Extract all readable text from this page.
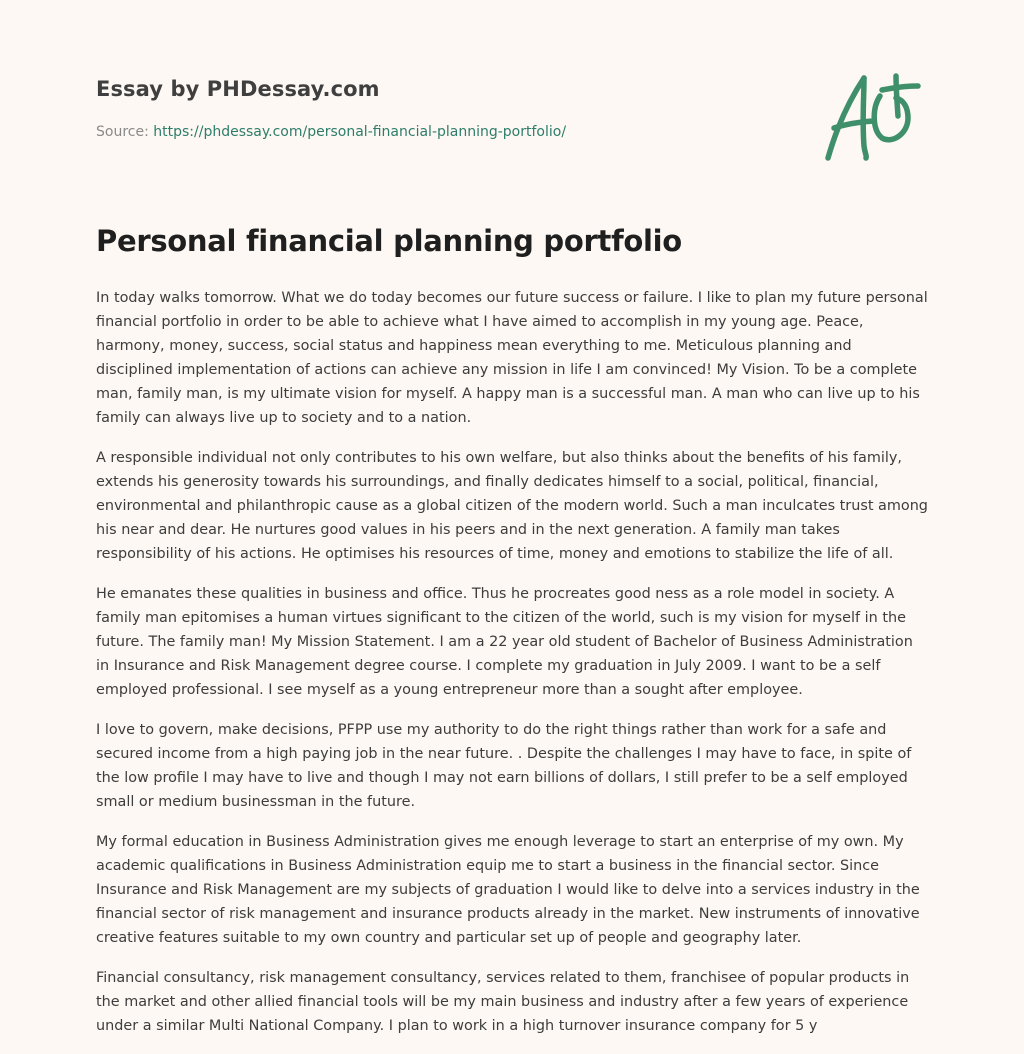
Essay by PHDessay.com
Source: https://phdessay.com/personal-financial-planning-portfolio/
Personal financial planning portfolio

In today walks tomorrow. What we do today becomes our future success or failure. I like to plan my future personal financial portfolio in order to be able to achieve what I have aimed to accomplish in my young age. Peace, harmony, money, success, social status and happiness mean everything to me. Meticulous planning and disciplined implementation of actions can achieve any mission in life I am convinced! My Vision. To be a complete man, family man, is my ultimate vision for myself. A happy man is a successful man. A man who can live up to his family can always live up to society and to a nation.

A responsible individual not only contributes to his own welfare, but also thinks about the benefits of his family, extends his generosity towards his surroundings, and finally dedicates himself to a social, political, financial, environmental and philanthropic cause as a global citizen of the modern world. Such a man inculcates trust among his near and dear. He nurtures good values in his peers and in the next generation. A family man takes responsibility of his actions. He optimises his resources of time, money and emotions to stabilize the life of all.

He emanates these qualities in business and office. Thus he procreates good ness as a role model in society. A family man epitomises a human virtues significant to the citizen of the world, such is my vision for myself in the future. The family man! My Mission Statement. I am a 22 year old student of Bachelor of Business Administration in Insurance and Risk Management degree course. I complete my graduation in July 2009. I want to be a self employed professional. I see myself as a young entrepreneur more than a sought after employee.

I love to govern, make decisions, PFPP use my authority to do the right things rather than work for a safe and secured income from a high paying job in the near future. . Despite the challenges I may have to face, in spite of the low profile I may have to live and though I may not earn billions of dollars, I still prefer to be a self employed small or medium businessman in the future.

My formal education in Business Administration gives me enough leverage to start an enterprise of my own. My academic qualifications in Business Administration equip me to start a business in the financial sector. Since Insurance and Risk Management are my subjects of graduation I would like to delve into a services industry in the financial sector of risk management and insurance products already in the market. New instruments of innovative creative features suitable to my own country and particular set up of people and geography later.

Financial consultancy, risk management consultancy, services related to them, franchisee of popular products in the market and other allied financial tools will be my main business and industry after a few years of experience under a similar Multi National Company. I plan to work in a high turnover insurance company for 5 y
